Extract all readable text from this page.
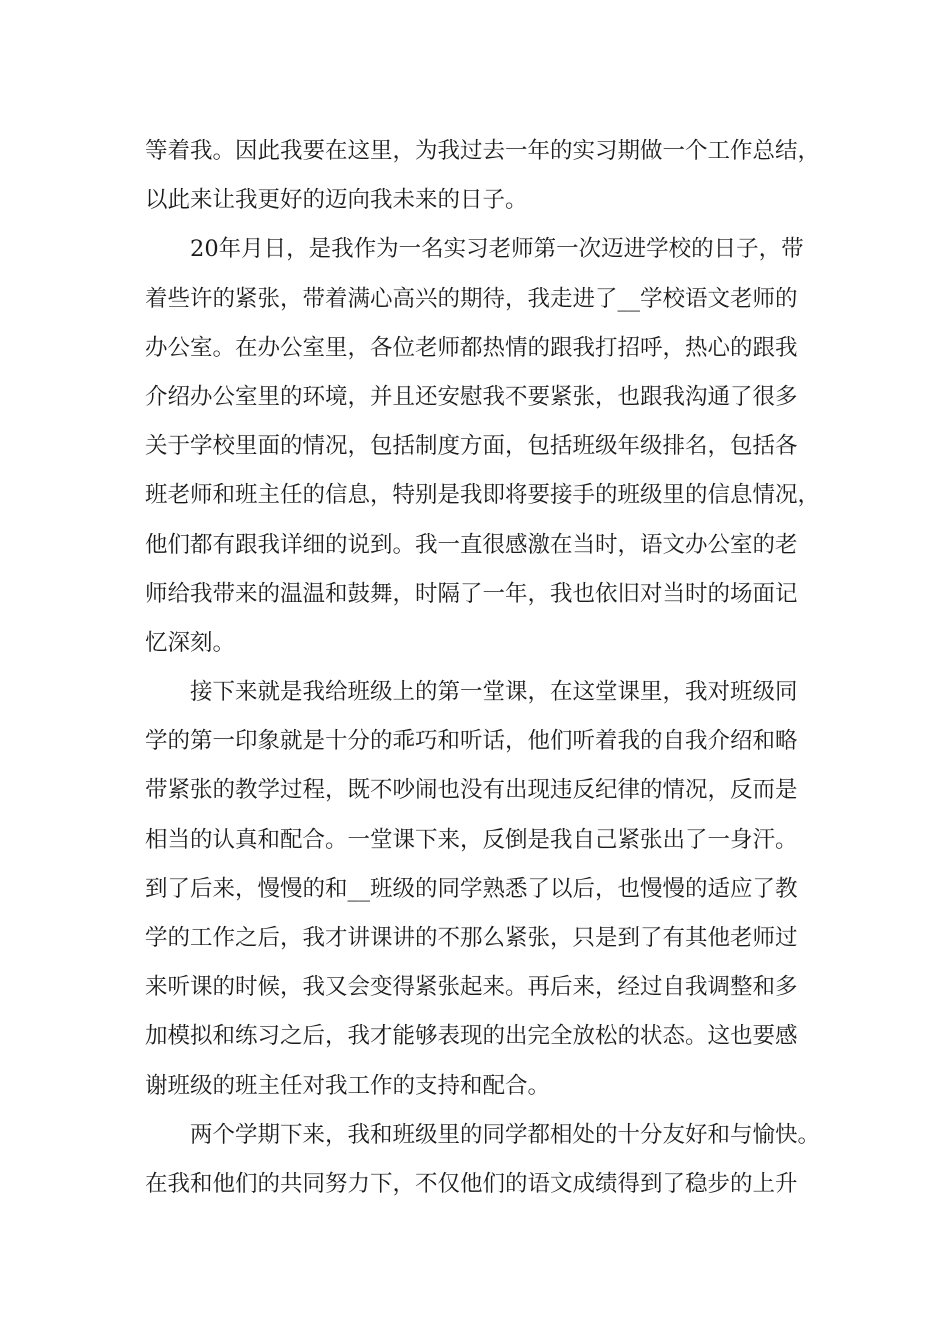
等着我。因此我要在这里，为我过去一年的实习期做一个工作总结，
以此来让我更好的迈向我未来的日子。
20年月日，是我作为一名实习老师第一次迈进学校的日子，带
着些许的紧张，带着满心高兴的期待，我走进了__学校语文老师的
办公室。在办公室里，各位老师都热情的跟我打招呼，热心的跟我
介绍办公室里的环境，并且还安慰我不要紧张，也跟我沟通了很多
关于学校里面的情况，包括制度方面，包括班级年级排名，包括各
班老师和班主任的信息，特别是我即将要接手的班级里的信息情况，
他们都有跟我详细的说到。我一直很感激在当时，语文办公室的老
师给我带来的温温和鼓舞，时隔了一年，我也依旧对当时的场面记
忆深刻。
接下来就是我给班级上的第一堂课，在这堂课里，我对班级同
学的第一印象就是十分的乖巧和听话，他们听着我的自我介绍和略
带紧张的教学过程，既不吵闹也没有出现违反纪律的情况，反而是
相当的认真和配合。一堂课下来，反倒是我自己紧张出了一身汗。
到了后来，慢慢的和__班级的同学熟悉了以后，也慢慢的适应了教
学的工作之后，我才讲课讲的不那么紧张，只是到了有其他老师过
来听课的时候，我又会变得紧张起来。再后来，经过自我调整和多
加模拟和练习之后，我才能够表现的出完全放松的状态。这也要感
谢班级的班主任对我工作的支持和配合。
两个学期下来，我和班级里的同学都相处的十分友好和与愉快。
在我和他们的共同努力下，不仅他们的语文成绩得到了稳步的上升
